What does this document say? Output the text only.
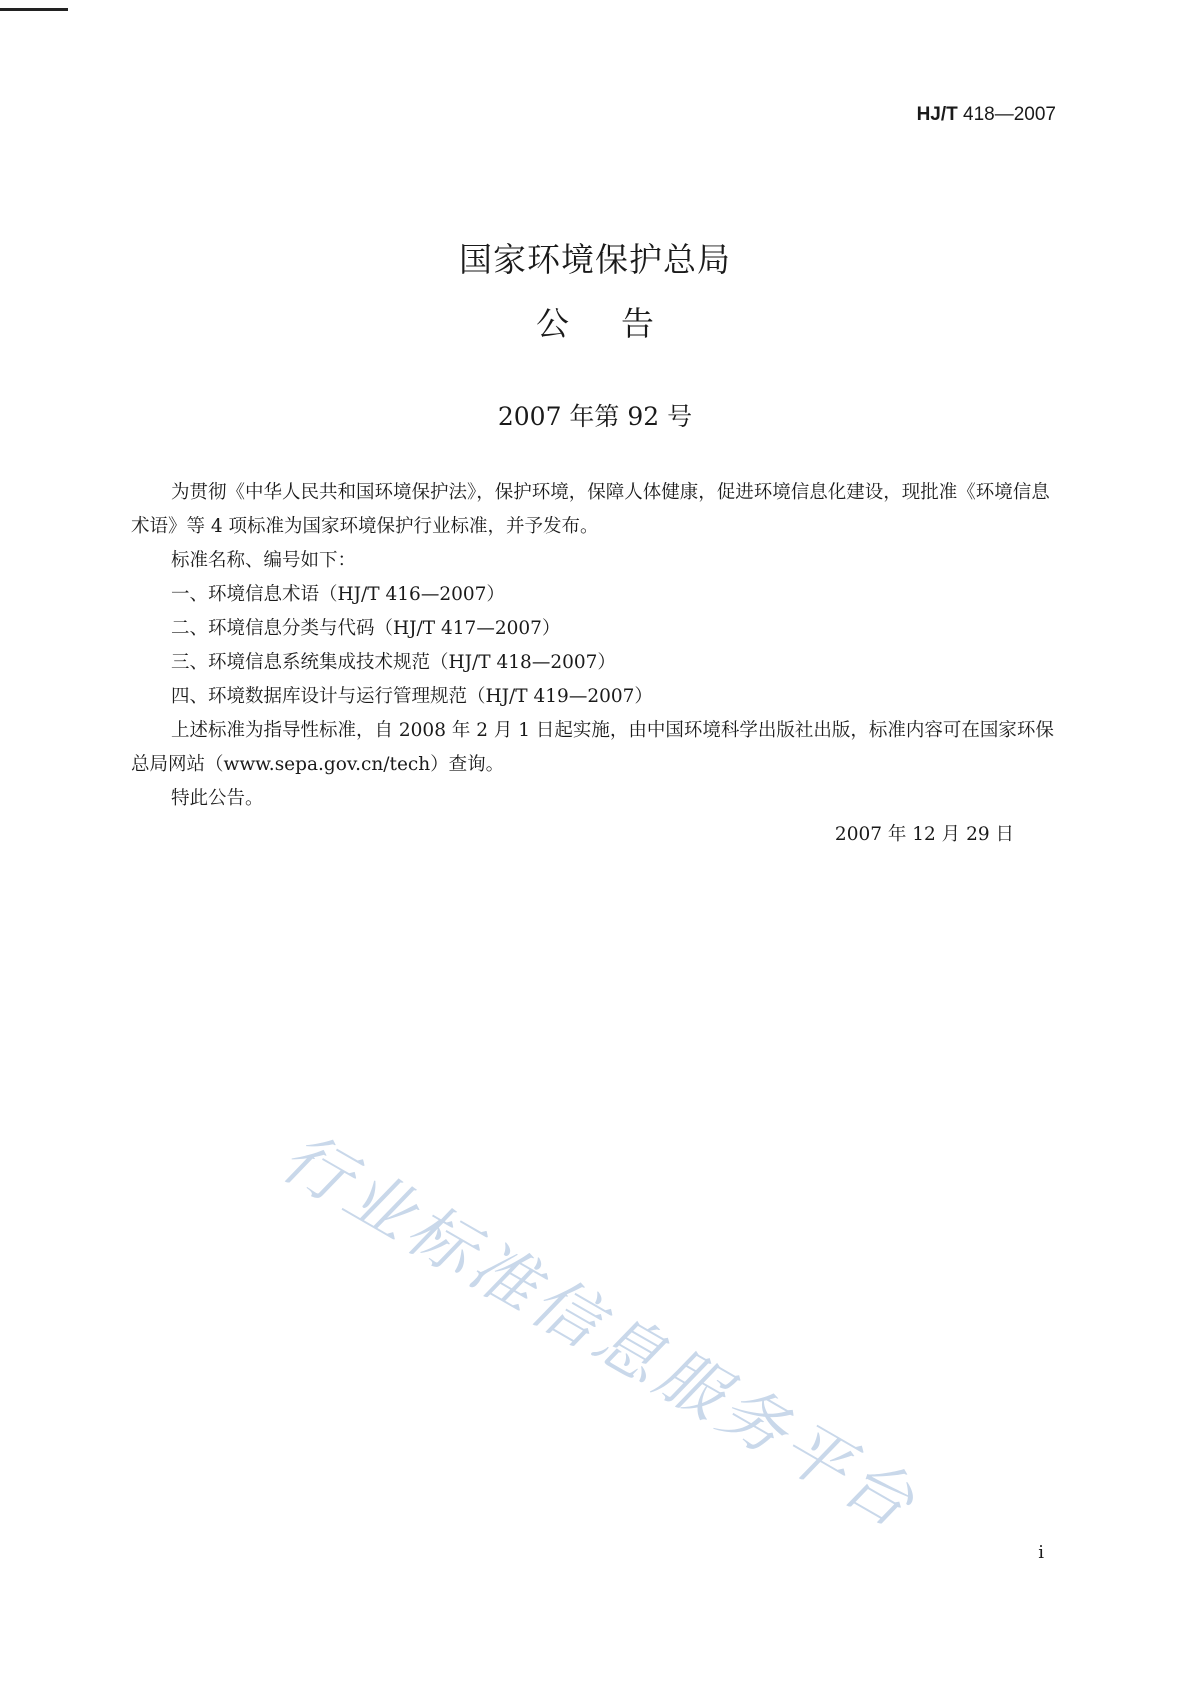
HJ/T 418—2007
国家环境保护总局
公告
2007 年第 92 号

为贯彻《中华人民共和国环境保护法》，保护环境，保障人体健康，促进环境信息化建设，现批准《环境信息术语》等 4 项标准为国家环境保护行业标准，并予发布。

标准名称、编号如下：

一、环境信息术语（HJ/T 416—2007）

二、环境信息分类与代码（HJ/T 417—2007）

三、环境信息系统集成技术规范（HJ/T 418—2007）

四、环境数据库设计与运行管理规范（HJ/T 419—2007）

上述标准为指导性标准，自 2008 年 2 月 1 日起实施，由中国环境科学出版社出版，标准内容可在国家环保总局网站（www.sepa.gov.cn/tech）查询。

特此公告。

2007 年 12 月 29 日
行业标准信息服务平台
i
